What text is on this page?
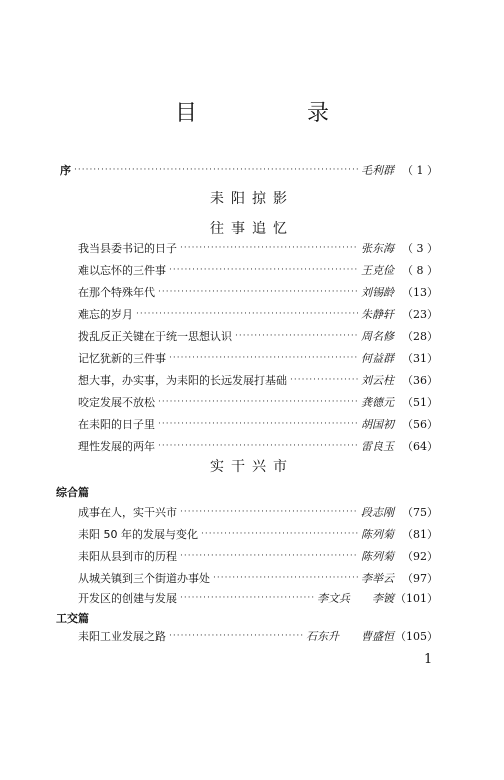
目　录
序 ·····	毛利群 （ 1 ）
耒阳掠影
往事追忆
我当县委书记的日子 ·····	张东海 （ 3 ）
难以忘怀的三件事 ·····	王克俭 （ 8 ）
在那个特殊年代 ·····	刘锡龄 （13）
难忘的岁月 ·····	朱静轩 （23）
拨乱反正关键在于统一思想认识 ·····	周名修 （28）
记忆犹新的三件事 ·····	何益群 （31）
想大事，办实事，为耒阳的长远发展打基础 ·····	刘云柱 （36）
咬定发展不放松 ·····	龚德元 （51）
在耒阳的日子里 ·····	胡国初 （56）
理性发展的两年 ·····	雷良玉 （64）
实干兴市
综合篇
成事在人，实干兴市 ·····	段志刚 （75）
耒阳 50 年的发展与变化 ·····	陈列菊 （81）
耒阳从县到市的历程 ·····	陈列菊 （92）
从城关镇到三个街道办事处 ·····	李举云 （97）
开发区的创建与发展 ·····	李文兵　　李镀 （101）
工交篇
耒阳工业发展之路 ·····	石东升　　曹盛恒 （105）
1
